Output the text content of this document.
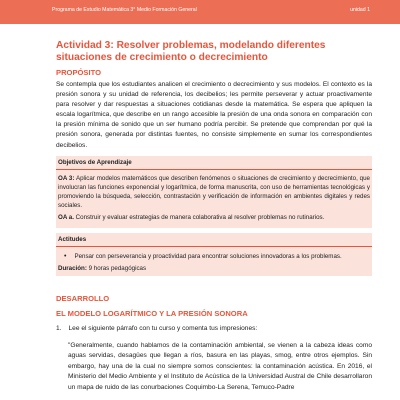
Programa de Estudio Matemática 3° Medio Formación General	unidad 1
Actividad 3: Resolver problemas, modelando diferentes situaciones de crecimiento o decrecimiento
PROPÓSITO

Se contempla que los estudiantes analicen el crecimiento o decrecimiento y sus modelos. El contexto es la presión sonora y su unidad de referencia, los decibelios; les permite perseverar y actuar proactivamente para resolver y dar respuestas a situaciones cotidianas desde la matemática. Se espera que apliquen la escala logarítmica, que describe en un rango accesible la presión de una onda sonora en comparación con la presión mínima de sonido que un ser humano podría percibir. Se pretende que comprendan por qué la presión sonora, generada por distintas fuentes, no consiste simplemente en sumar los correspondientes decibelios.

Objetivos de Aprendizaje

OA 3: Aplicar modelos matemáticos que describen fenómenos o situaciones de crecimiento y decrecimiento, que involucran las funciones exponencial y logarítmica, de forma manuscrita, con uso de herramientas tecnológicas y promoviendo la búsqueda, selección, contrastación y verificación de información en ambientes digitales y redes sociales.

OA a. Construir y evaluar estrategias de manera colaborativa al resolver problemas no rutinarios.

Actitudes
• Pensar con perseverancia y proactividad para encontrar soluciones innovadoras a los problemas.
Duración: 9 horas pedagógicas
DESARROLLO
EL MODELO LOGARÍTMICO Y LA PRESIÓN SONORA
1. Lee el siguiente párrafo con tu curso y comenta tus impresiones:

"Generalmente, cuando hablamos de la contaminación ambiental, se vienen a la cabeza ideas como aguas servidas, desagües que llegan a ríos, basura en las playas, smog, entre otros ejemplos. Sin embargo, hay una de la cual no siempre somos conscientes: la contaminación acústica. En 2016, el Ministerio del Medio Ambiente y el Instituto de Acústica de la Universidad Austral de Chile desarrollaron un mapa de ruido de las conurbaciones Coquimbo-La Serena, Temuco-Padre
